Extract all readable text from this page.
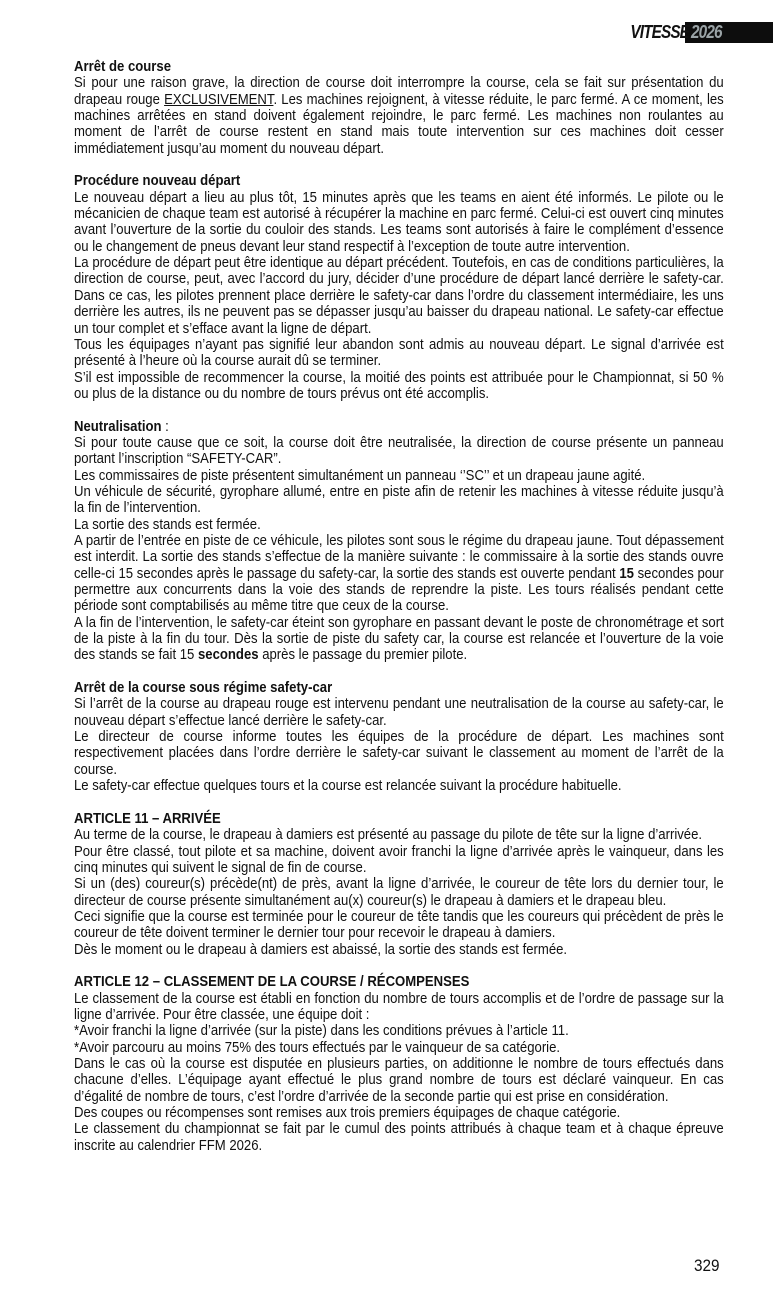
VITESSE 2026
Arrêt de course

Si pour une raison grave, la direction de course doit interrompre la course, cela se fait sur présentation du drapeau rouge EXCLUSIVEMENT. Les machines rejoignent, à vitesse réduite, le parc fermé. A ce moment, les machines arrêtées en stand doivent également rejoindre, le parc fermé. Les machines non roulantes au moment de l’arrêt de course restent en stand mais toute intervention sur ces machines doit cesser immédiatement jusqu’au moment du nouveau départ.

Procédure nouveau départ

Le nouveau départ a lieu au plus tôt, 15 minutes après que les teams en aient été informés. Le pilote ou le mécanicien de chaque team est autorisé à récupérer la machine en parc fermé. Celui-ci est ouvert cinq minutes avant l’ouverture de la sortie du couloir des stands. Les teams sont autorisés à faire le complément d’essence ou le changement de pneus devant leur stand respectif à l’exception de toute autre intervention.

La procédure de départ peut être identique au départ précédent. Toutefois, en cas de conditions particulières, la direction de course, peut, avec l’accord du jury, décider d’une procédure de départ lancé derrière le safety-car. Dans ce cas, les pilotes prennent place derrière le safety-car dans l’ordre du classement intermédiaire, les uns derrière les autres, ils ne peuvent pas se dépasser jusqu’au baisser du drapeau national. Le safety-car effectue un tour complet et s’efface avant la ligne de départ.

Tous les équipages n’ayant pas signifié leur abandon sont admis au nouveau départ. Le signal d’arrivée est présenté à l’heure où la course aurait dû se terminer.

S’il est impossible de recommencer la course, la moitié des points est attribuée pour le Championnat, si 50 % ou plus de la distance ou du nombre de tours prévus ont été accomplis.

Neutralisation :

Si pour toute cause que ce soit, la course doit être neutralisée, la direction de course présente un panneau portant l’inscription “SAFETY-CAR”.

Les commissaires de piste présentent simultanément un panneau ‘’SC’’ et un drapeau jaune agité.

Un véhicule de sécurité, gyrophare allumé, entre en piste afin de retenir les machines à vitesse réduite jusqu’à la fin de l’intervention.

La sortie des stands est fermée.

A partir de l’entrée en piste de ce véhicule, les pilotes sont sous le régime du drapeau jaune. Tout dépassement est interdit. La sortie des stands s’effectue de la manière suivante : le commissaire à la sortie des stands ouvre celle-ci 15 secondes après le passage du safety-car, la sortie des stands est ouverte pendant 15 secondes pour permettre aux concurrents dans la voie des stands de reprendre la piste. Les tours réalisés pendant cette période sont comptabilisés au même titre que ceux de la course.

A la fin de l’intervention, le safety-car éteint son gyrophare en passant devant le poste de chronométrage et sort de la piste à la fin du tour. Dès la sortie de piste du safety car, la course est relancée et l’ouverture de la voie des stands se fait 15 secondes après le passage du premier pilote.

Arrêt de la course sous régime safety-car

Si l’arrêt de la course au drapeau rouge est intervenu pendant une neutralisation de la course au safety-car, le nouveau départ s’effectue lancé derrière le safety-car.

Le directeur de course informe toutes les équipes de la procédure de départ. Les machines sont respectivement placées dans l’ordre derrière le safety-car suivant le classement au moment de l’arrêt de la course.

Le safety-car effectue quelques tours et la course est relancée suivant la procédure habituelle.

ARTICLE 11 – ARRIVÉE

Au terme de la course, le drapeau à damiers est présenté au passage du pilote de tête sur la ligne d’arrivée.

Pour être classé, tout pilote et sa machine, doivent avoir franchi la ligne d’arrivée après le vainqueur, dans les cinq minutes qui suivent le signal de fin de course.

Si un (des) coureur(s) précède(nt) de près, avant la ligne d’arrivée, le coureur de tête lors du dernier tour, le directeur de course présente simultanément au(x) coureur(s) le drapeau à damiers et le drapeau bleu.

Ceci signifie que la course est terminée pour le coureur de tête tandis que les coureurs qui précèdent de près le coureur de tête doivent terminer le dernier tour pour recevoir le drapeau à damiers.

Dès le moment ou le drapeau à damiers est abaissé, la sortie des stands est fermée.

ARTICLE 12 – CLASSEMENT DE LA COURSE / RÉCOMPENSES

Le classement de la course est établi en fonction du nombre de tours accomplis et de l’ordre de passage sur la ligne d’arrivée. Pour être classée, une équipe doit :

*Avoir franchi la ligne d’arrivée (sur la piste) dans les conditions prévues à l’article 11.

*Avoir parcouru au moins 75% des tours effectués par le vainqueur de sa catégorie.

Dans le cas où la course est disputée en plusieurs parties, on additionne le nombre de tours effectués dans chacune d’elles. L’équipage ayant effectué le plus grand nombre de tours est déclaré vainqueur. En cas d’égalité de nombre de tours, c’est l’ordre d’arrivée de la seconde partie qui est prise en considération.

Des coupes ou récompenses sont remises aux trois premiers équipages de chaque catégorie.

Le classement du championnat se fait par le cumul des points attribués à chaque team et à chaque épreuve inscrite au calendrier FFM 2026.

329
